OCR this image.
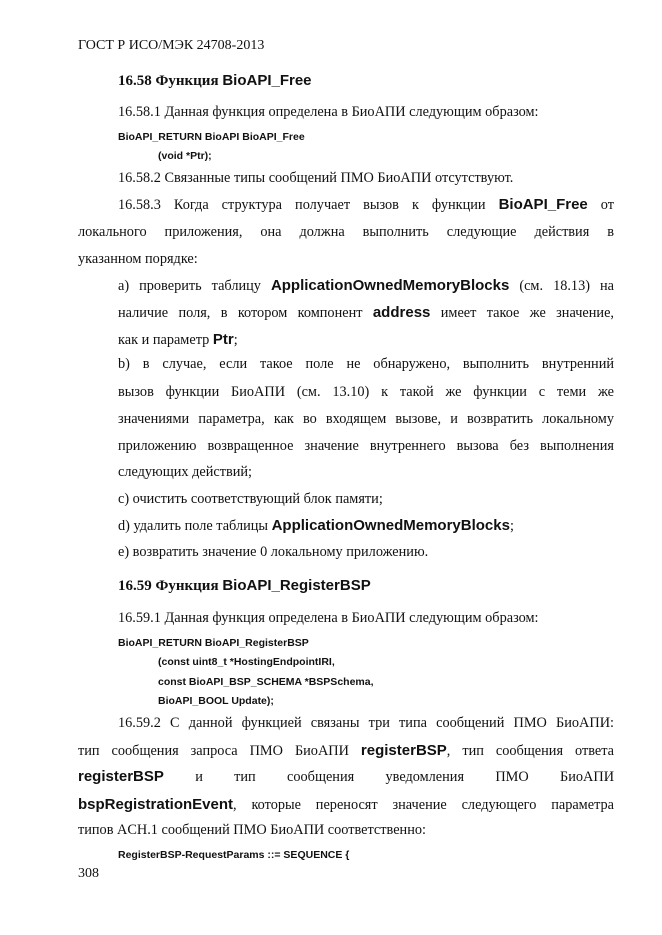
ГОСТ Р ИСО/МЭК 24708-2013
16.58 Функция BioAPI_Free
16.58.1 Данная функция определена в БиоАПИ следующим образом:
BioAPI_RETURN BioAPI BioAPI_Free
(void *Ptr);
16.58.2 Связанные типы сообщений ПМО БиоАПИ отсутствуют.
16.58.3 Когда структура получает вызов к функции BioAPI_Free от
локального приложения, она должна выполнить следующие действия в
указанном порядке:
а) проверить таблицу ApplicationOwnedMemoryBlocks (см. 18.13) на
наличие поля, в котором компонент address имеет такое же значение,
как и параметр Ptr;
b) в случае, если такое поле не обнаружено, выполнить внутренний
вызов функции БиоАПИ (см. 13.10) к такой же функции с теми же
значениями параметра, как во входящем вызове, и возвратить локальному
приложению возвращенное значение внутреннего вызова без выполнения
следующих действий;
с) очистить соответствующий блок памяти;
d) удалить поле таблицы ApplicationOwnedMemoryBlocks;
е) возвратить значение 0 локальному приложению.
16.59 Функция BioAPI_RegisterBSP
16.59.1 Данная функция определена в БиоАПИ следующим образом:
BioAPI_RETURN BioAPI_RegisterBSP
(const uint8_t *HostingEndpointIRI,
const BioAPI_BSP_SCHEMA *BSPSchema,
BioAPI_BOOL Update);
16.59.2 С данной функцией связаны три типа сообщений ПМО БиоАПИ:
тип сообщения запроса ПМО БиоАПИ registerBSP, тип сообщения ответа
registerBSP и тип сообщения уведомления ПМО БиоАПИ
bspRegistrationEvent, которые переносят значение следующего параметра
типов ACH.1 сообщений ПМО БиоАПИ соответственно:
RegisterBSP-RequestParams ::= SEQUENCE {
308
